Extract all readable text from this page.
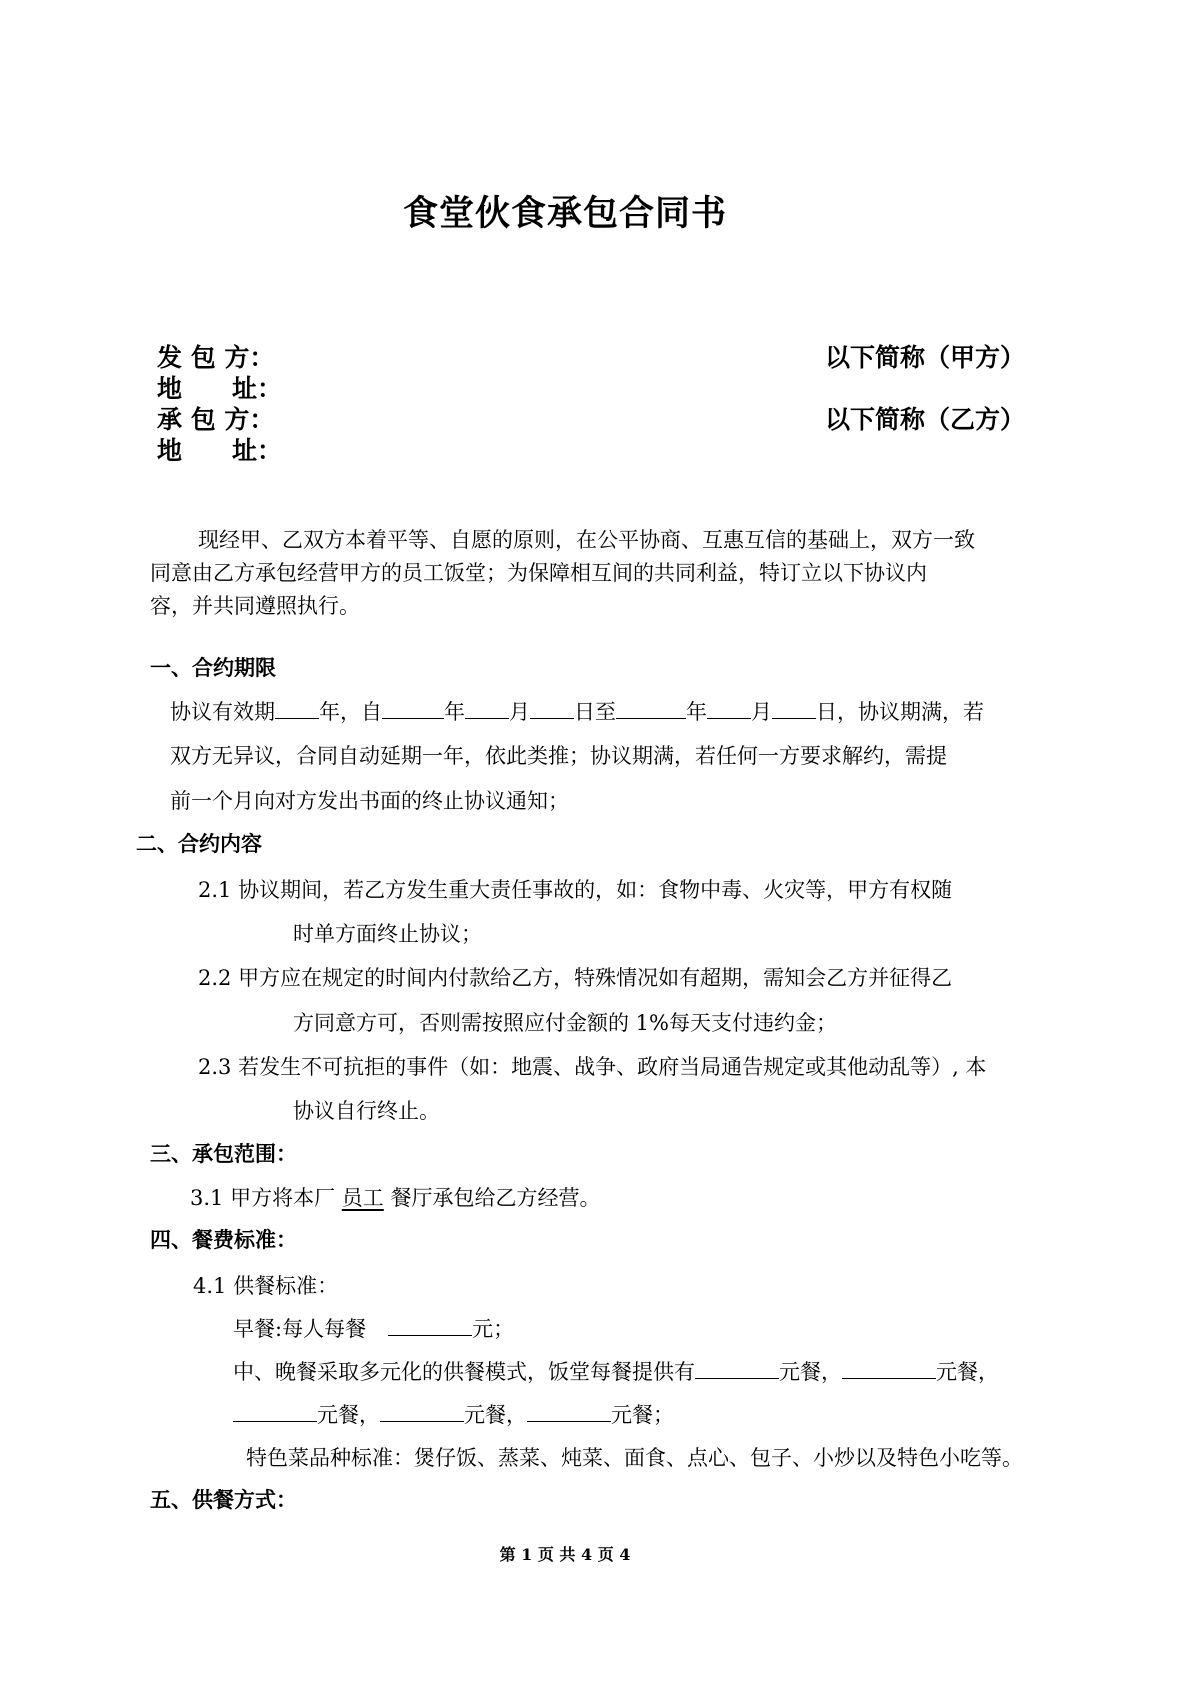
食堂伙食承包合同书
发 包 方：	以下简称（甲方）
地　　址：
承 包 方：	以下简称（乙方）
地　　址：
现经甲、乙双方本着平等、自愿的原则，在公平协商、互惠互信的基础上，双方一致
同意由乙方承包经营甲方的员工饭堂；为保障相互间的共同利益，特订立以下协议内
容，并共同遵照执行。
一、合约期限
协议有效期 年，自	年 月 日至	年 月 日，协议期满，若
双方无异议，合同自动延期一年，依此类推；协议期满，若任何一方要求解约，需提
前一个月向对方发出书面的终止协议通知；
二、合约内容
2.1 协议期间，若乙方发生重大责任事故的，如：食物中毒、火灾等，甲方有权随
时单方面终止协议；
2.2 甲方应在规定的时间内付款给乙方，特殊情况如有超期，需知会乙方并征得乙
方同意方可，否则需按照应付金额的 1%每天支付违约金；
2.3 若发生不可抗拒的事件（如：地震、战争、政府当局通告规定或其他动乱等）, 本
协议自行终止。
三、承包范围：
3.1 甲方将本厂 员工 餐厅承包给乙方经营。
四、餐费标准：
4.1 供餐标准：
早餐:每人每餐	元；
中、晚餐采取多元化的供餐模式，饭堂每餐提供有	元餐，	元餐，
元餐，	元餐，	元餐；
特色菜品种标准：煲仔饭、蒸菜、炖菜、面食、点心、包子、小炒以及特色小吃等。
五、供餐方式：
第 1 页 共 4 页 4
